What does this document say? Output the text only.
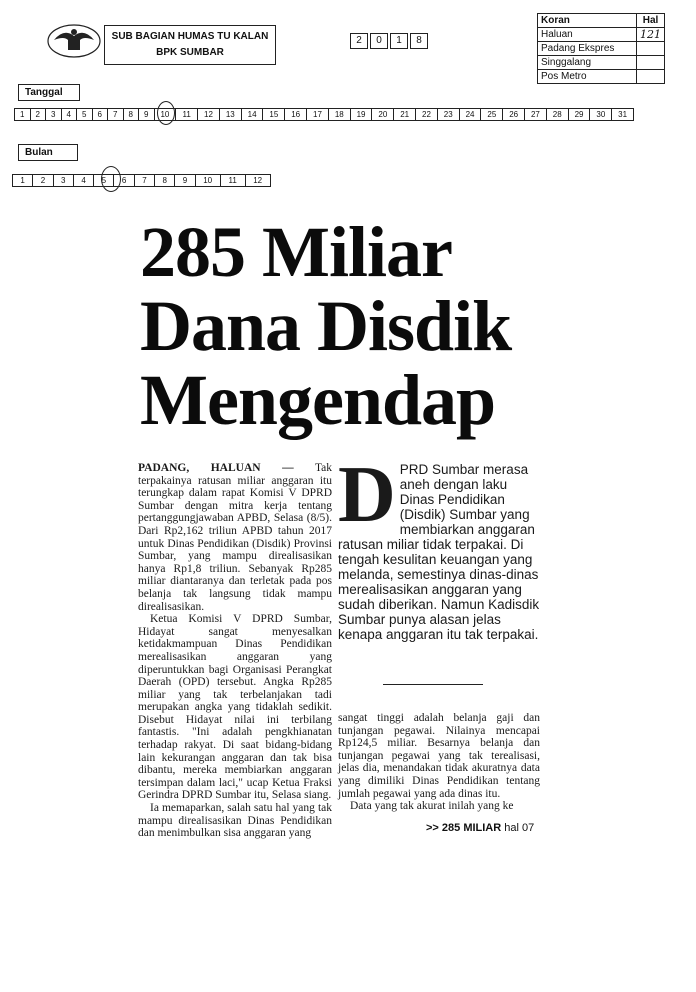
SUB BAGIAN HUMAS TU KALAN
BPK SUMBAR
2	0	1	8
Koran	Hal
Haluan	121
Padang Ekspres	
Singgalang	
Pos Metro	
Tanggal
1	2	3	4	5	6	7	8	9	10	11	12	13	14	15	16	17	18	19	20	21	22	23	24	25	26	27	28	29	30	31
Bulan
1	2	3	4	5	6	7	8	9	10	11	12
285 Miliar
Dana Disdik
Mengendap

PADANG, HALUAN — Tak terpakainya ratusan miliar anggaran itu terungkap dalam rapat Komisi V DPRD Sumbar dengan mitra kerja tentang pertanggungjawaban APBD, Selasa (8/5). Dari Rp2,162 triliun APBD tahun 2017 untuk Dinas Pendidikan (Disdik) Provinsi Sumbar, yang mampu direalisasikan hanya Rp1,8 triliun. Sebanyak Rp285 miliar diantaranya dan terletak pada pos belanja tak langsung tidak mampu direalisasikan.

Ketua Komisi V DPRD Sumbar, Hidayat sangat menyesalkan ketidakmampuan Dinas Pendidikan merealisasikan anggaran yang diperuntukkan bagi Organisasi Perangkat Daerah (OPD) tersebut. Angka Rp285 miliar yang tak terbelanjakan tadi merupakan angka yang tidaklah sedikit. Disebut Hidayat nilai ini terbilang fantastis. "Ini adalah pengkhianatan terhadap rakyat. Di saat bidang-bidang lain kekurangan anggaran dan tak bisa dibantu, mereka membiarkan anggaran tersimpan dalam laci," ucap Ketua Fraksi Gerindra DPRD Sumbar itu, Selasa siang.

Ia memaparkan, salah satu hal yang tak mampu direalisasikan Dinas Pendidikan dan menimbulkan sisa anggaran yang

DPRD Sumbar merasa aneh dengan laku Dinas Pendidikan (Disdik) Sumbar yang membiarkan anggaran ratusan miliar tidak terpakai. Di tengah kesulitan keuangan yang melanda, semestinya dinas-dinas merealisasikan anggaran yang sudah diberikan. Namun Kadisdik Sumbar punya alasan jelas kenapa anggaran itu tak terpakai.

sangat tinggi adalah belanja gaji dan tunjangan pegawai. Nilainya mencapai Rp124,5 miliar. Besarnya belanja dan tunjangan pegawai yang tak terealisasi, jelas dia, menandakan tidak akuratnya data yang dimiliki Dinas Pendidikan tentang jumlah pegawai yang ada dinas itu.

Data yang tak akurat inilah yang ke

>> 285 MILIAR hal 07
